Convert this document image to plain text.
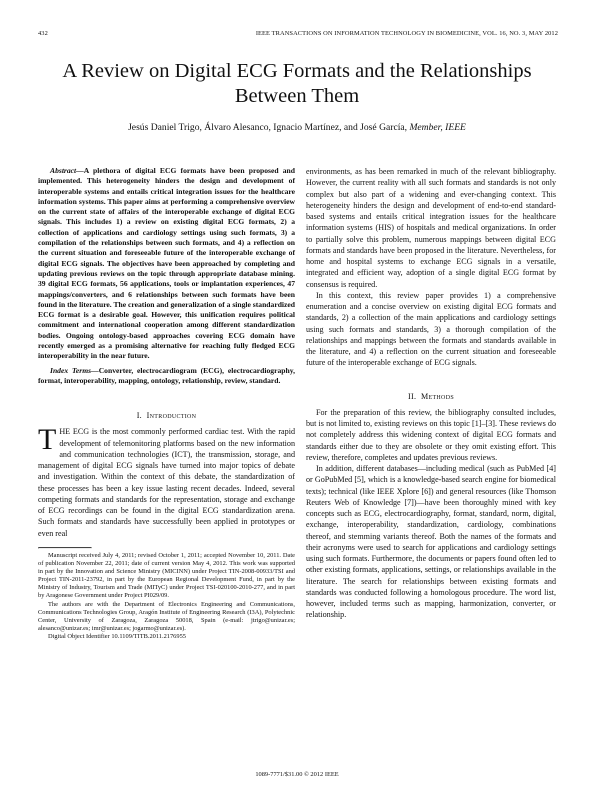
432	IEEE TRANSACTIONS ON INFORMATION TECHNOLOGY IN BIOMEDICINE, VOL. 16, NO. 3, MAY 2012
A Review on Digital ECG Formats and the Relationships Between Them
Jesús Daniel Trigo, Álvaro Alesanco, Ignacio Martínez, and José García, Member, IEEE

Abstract—A plethora of digital ECG formats have been proposed and implemented. This heterogeneity hinders the design and development of interoperable systems and entails critical integration issues for the healthcare information systems. This paper aims at performing a comprehensive overview on the current state of affairs of the interoperable exchange of digital ECG signals. This includes 1) a review on existing digital ECG formats, 2) a collection of applications and cardiology settings using such formats, 3) a compilation of the relationships between such formats, and 4) a reflection on the current situation and foreseeable future of the interoperable exchange of digital ECG signals. The objectives have been approached by completing and updating previous reviews on the topic through appropriate database mining. 39 digital ECG formats, 56 applications, tools or implantation experiences, 47 mappings/converters, and 6 relationships between such formats have been found in the literature. The creation and generalization of a single standardized ECG format is a desirable goal. However, this unification requires political commitment and international cooperation among different standardization bodies. Ongoing ontology-based approaches covering ECG domain have recently emerged as a promising alternative for reaching fully fledged ECG interoperability in the near future.

Index Terms—Converter, electrocardiogram (ECG), electrocardiography, format, interoperability, mapping, ontology, relationship, review, standard.

I. Introduction

THE ECG is the most commonly performed cardiac test. With the rapid development of telemonitoring platforms based on the new information and communication technologies (ICT), the transmission, storage, and management of digital ECG signals have turned into major topics of debate and investigation. Within the context of this debate, the standardization of these processes has been a key issue lasting recent decades. Indeed, several competing formats and standards for the representation, storage and exchange of ECG recordings can be found in the digital ECG standardization arena. Such formats and standards have successfully been applied in prototypes or even real

Manuscript received July 4, 2011; revised October 1, 2011; accepted November 10, 2011. Date of publication November 22, 2011; date of current version May 4, 2012. This work was supported in part by the Innovation and Science Ministry (MICINN) under Project TIN-2008-00933/TSI and Project TIN-2011-23792, in part by the European Regional Development Fund, in part by the Ministry of Industry, Tourism and Trade (MITyC) under Project TSI-020100-2010-277, and in part by Aragonese Government under Project PI029/09.

The authors are with the Department of Electronics Engineering and Communications, Communications Technologies Group, Aragón Institute of Engineering Research (I3A), Polytechnic Center, University of Zaragoza, Zaragoza 50018, Spain (e-mail: jtrigo@unizar.es; alesanco@unizar.es; imr@unizar.es; jogarmo@unizar.es).

Digital Object Identifier 10.1109/TITB.2011.2176955

environments, as has been remarked in much of the relevant bibliography. However, the current reality with all such formats and standards is not only complex but also part of a widening and ever-changing context. This heterogeneity hinders the design and development of end-to-end standard-based systems and entails critical integration issues for the healthcare information systems (HIS) of hospitals and medical organizations. In order to partially solve this problem, numerous mappings between digital ECG formats and standards have been proposed in the literature. Nevertheless, for home and hospital systems to exchange ECG signals in a versatile, integrated and efficient way, adoption of a single digital ECG format by consensus is required.

In this context, this review paper provides 1) a comprehensive enumeration and a concise overview on existing digital ECG formats and standards, 2) a collection of the main applications and cardiology settings using such formats and standards, 3) a thorough compilation of the relationships and mappings between the formats and standards available in the literature, and 4) a reflection on the current situation and foreseeable future of the interoperable exchange of ECG signals.

II. Methods

For the preparation of this review, the bibliography consulted includes, but is not limited to, existing reviews on this topic [1]–[3]. These reviews do not completely address this widening context of digital ECG formats and standards either due to they are obsolete or they omit existing effort. This review, therefore, completes and updates previous reviews.

In addition, different databases—including medical (such as PubMed [4] or GoPubMed [5], which is a knowledge-based search engine for biomedical texts); technical (like IEEE Xplore [6]) and general resources (like Thomson Reuters Web of Knowledge [7])—have been thoroughly mined with key concepts such as ECG, electrocardiography, format, standard, norm, digital, exchange, interoperability, standardization, cardiology, combinations thereof, and stemming variants thereof. Both the names of the formats and their acronyms were used to search for applications and cardiology settings using such formats. Furthermore, the documents or papers found often led to other existing formats, applications, settings, or relationships available in the literature. The search for relationships between existing formats and standards was conducted following a homologous procedure. The word list, however, included terms such as mapping, harmonization, converter, or relationship.

1089-7771/$31.00 © 2012 IEEE
